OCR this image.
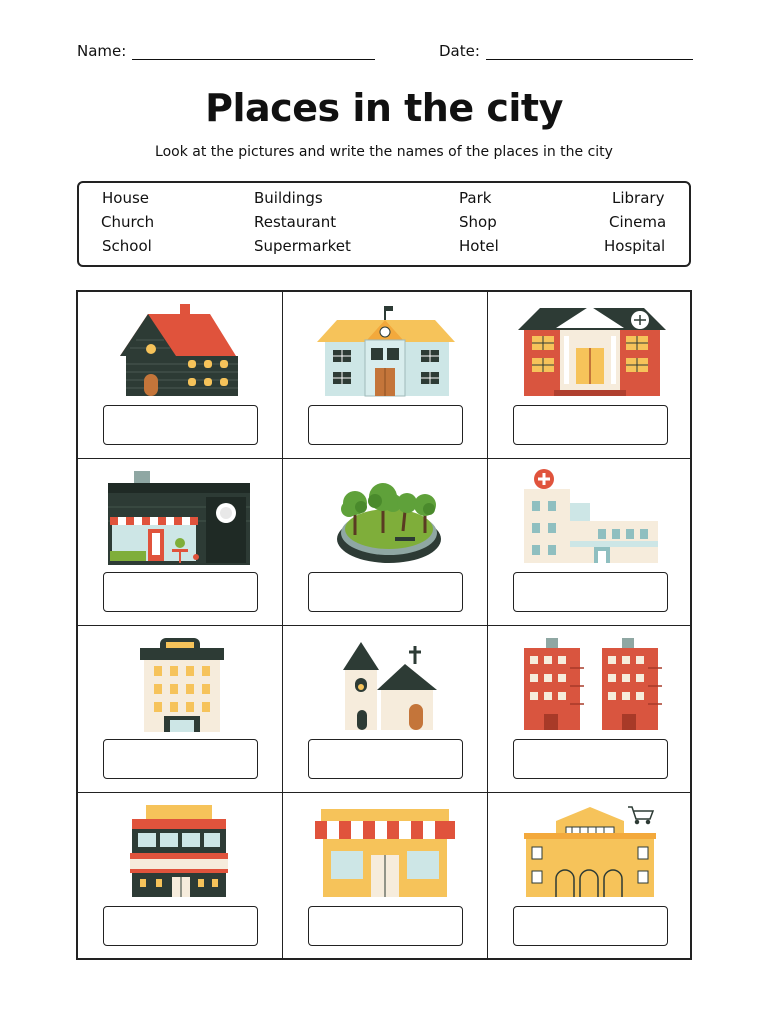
Name:	Date:
Places in the city

Look at the pictures and write the names of the places in the city

House
Church
School
Buildings
Restaurant
Supermarket
Park
Shop
Hotel
Library
Cinema
Hospital
